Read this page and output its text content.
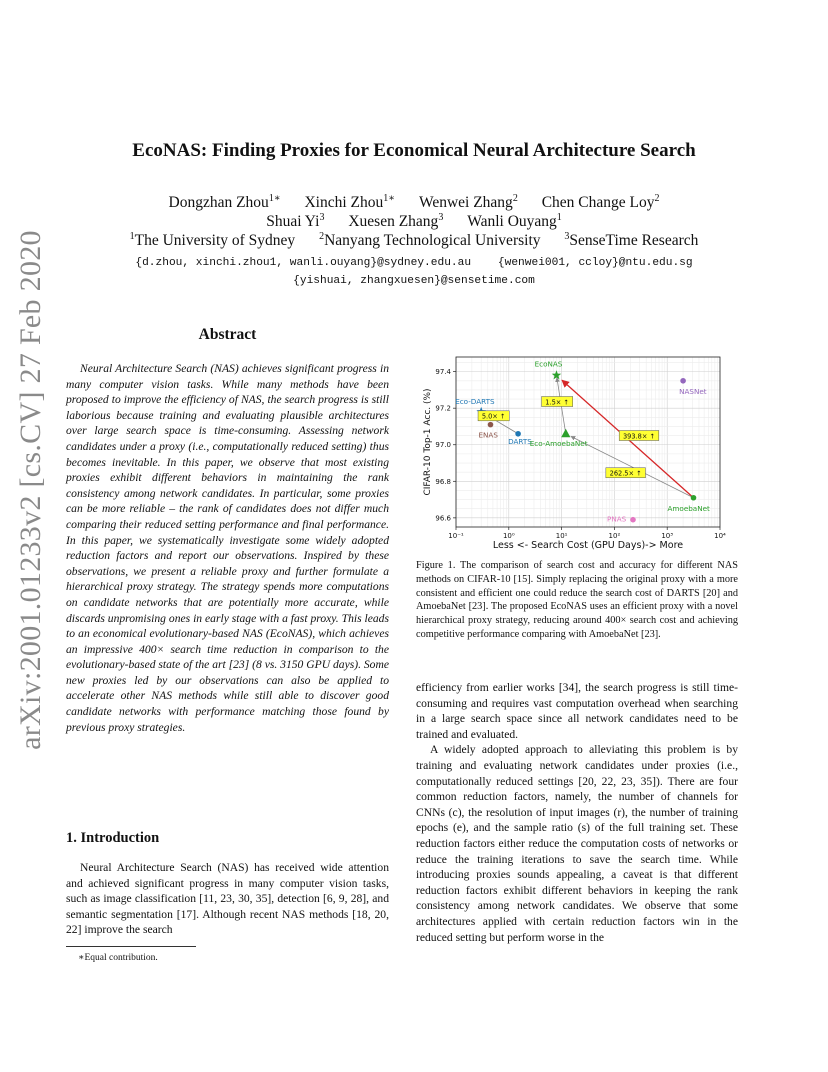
arXiv:2001.01233v2 [cs.CV] 27 Feb 2020
EcoNAS: Finding Proxies for Economical Neural Architecture Search
Dongzhan Zhou$^{1∗}$ Xinchi Zhou$^{1∗}$ Wenwei Zhang$^2$ Chen Change Loy$^2$
Shuai Yi$^3$ Xuesen Zhang$^3$ Wanli Ouyang$^1$
$^1$The University of Sydney $^2$Nanyang Technological University $^3$SenseTime Research
{d.zhou, xinchi.zhou1, wanli.ouyang}@sydney.edu.au    {wenwei001, ccloy}@ntu.edu.sg
{yishuai, zhangxuesen}@sensetime.com
Abstract
Neural Architecture Search (NAS) achieves significant progress in many computer vision tasks. While many methods have been proposed to improve the efficiency of NAS, the search progress is still laborious because training and evaluating plausible architectures over large search space is time-consuming. Assessing network candidates under a proxy (i.e., computationally reduced setting) thus becomes inevitable. In this paper, we observe that most existing proxies exhibit different behaviors in maintaining the rank consistency among network candidates. In particular, some proxies can be more reliable – the rank of candidates does not differ much comparing their reduced setting performance and final performance. In this paper, we systematically investigate some widely adopted reduction factors and report our observations. Inspired by these observations, we present a reliable proxy and further formulate a hierarchical proxy strategy. The strategy spends more computations on candidate networks that are potentially more accurate, while discards unpromising ones in early stage with a fast proxy. This leads to an economical evolutionary-based NAS (EcoNAS), which achieves an impressive 400× search time reduction in comparison to the evolutionary-based state of the art [23] (8 vs. 3150 GPU days). Some new proxies led by our observations can also be applied to accelerate other NAS methods while still able to discover good candidate networks with performance matching those found by previous proxy strategies.
1. Introduction
Neural Architecture Search (NAS) has received wide attention and achieved significant progress in many computer vision tasks, such as image classification [11, 23, 30, 35], detection [6, 9, 28], and semantic segmentation [17]. Although recent NAS methods [18, 20, 22] improve the search
∗Equal contribution.
96.6
96.8
97.0
97.2
97.4
10⁻¹	10⁰	10¹	10²	10³	10⁴
EcoNAS
Eco-DARTS
ENAS
DARTS
Eco-AmoebaNet
NASNet
AmoebaNet
PNAS
5.0× ↑
1.5× ↑
393.8× ↑
262.5× ↑
Less <- Search Cost (GPU Days)-> More
CIFAR-10 Top-1 Acc. (%)
Figure 1. The comparison of search cost and accuracy for different NAS methods on CIFAR-10 [15]. Simply replacing the original proxy with a more consistent and efficient one could reduce the search cost of DARTS [20] and AmoebaNet [23]. The proposed EcoNAS uses an efficient proxy with a novel hierarchical proxy strategy, reducing around 400× search cost and achieving competitive performance comparing with AmoebaNet [23].

efficiency from earlier works [34], the search progress is still time-consuming and requires vast computation overhead when searching in a large search space since all network candidates need to be trained and evaluated.

A widely adopted approach to alleviating this problem is by training and evaluating network candidates under proxies (i.e., computationally reduced settings [20, 22, 23, 35]). There are four common reduction factors, namely, the number of channels for CNNs (c), the resolution of input images (r), the number of training epochs (e), and the sample ratio (s) of the full training set. These reduction factors either reduce the computation costs of networks or reduce the training iterations to save the search time. While introducing proxies sounds appealing, a caveat is that different reduction factors exhibit different behaviors in keeping the rank consistency among network candidates. We observe that some architectures applied with certain reduction factors win in the reduced setting but perform worse in the
